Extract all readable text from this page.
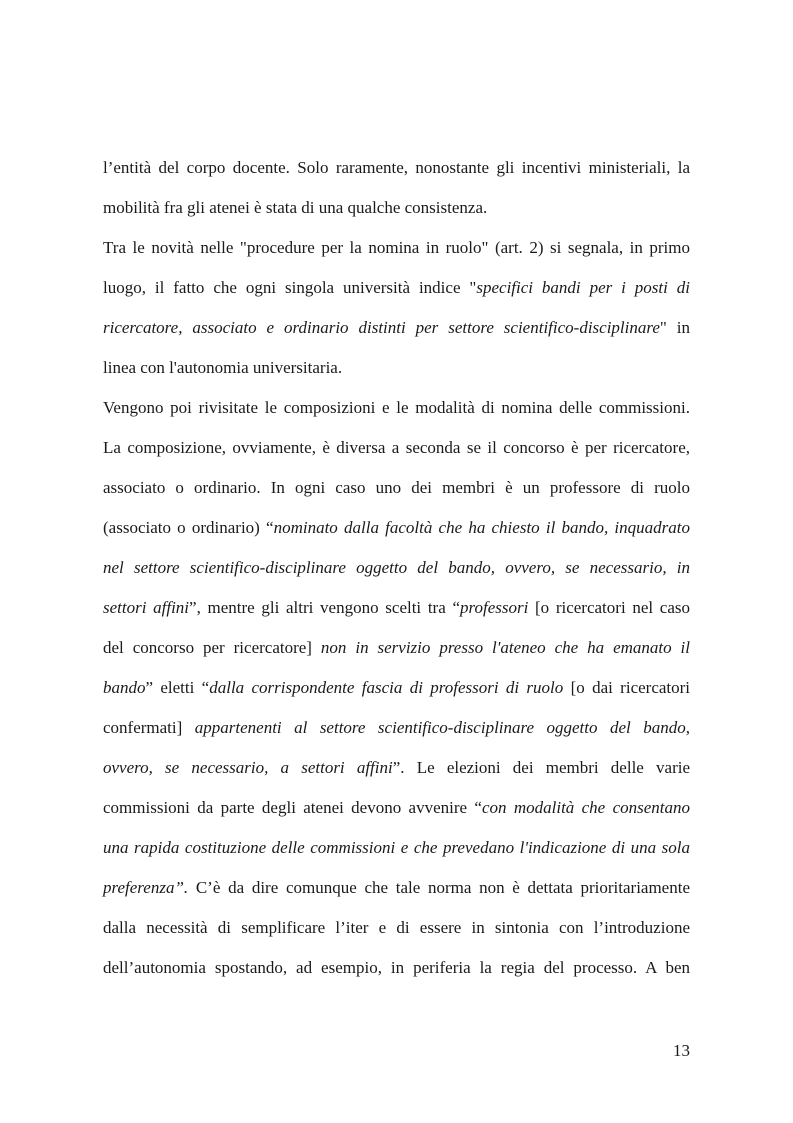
l’entità del corpo docente. Solo raramente, nonostante gli incentivi ministeriali, la
mobilità fra gli atenei è stata di una qualche consistenza.
Tra le novità nelle "procedure per la nomina in ruolo" (art. 2) si segnala, in primo
luogo, il fatto che ogni singola università indice "specifici bandi per i posti di
ricercatore, associato e ordinario distinti per settore scientifico-disciplinare" in
linea con l'autonomia universitaria.
Vengono poi rivisitate le composizioni e le modalità di nomina delle commissioni.
La composizione, ovviamente, è diversa a seconda se il concorso è per ricercatore,
associato o ordinario. In ogni caso uno dei membri è un professore di ruolo
(associato o ordinario) “nominato dalla facoltà che ha chiesto il bando, inquadrato
nel settore scientifico-disciplinare oggetto del bando, ovvero, se necessario, in
settori affini”, mentre gli altri vengono scelti tra “professori [o ricercatori nel caso
del concorso per ricercatore] non in servizio presso l'ateneo che ha emanato il
bando” eletti “dalla corrispondente fascia di professori di ruolo [o dai ricercatori
confermati] appartenenti al settore scientifico-disciplinare oggetto del bando,
ovvero, se necessario, a settori affini”. Le elezioni dei membri delle varie
commissioni da parte degli atenei devono avvenire “con modalità che consentano
una rapida costituzione delle commissioni e che prevedano l'indicazione di una sola
preferenza”. C’è da dire comunque che tale norma non è dettata prioritariamente
dalla necessità di semplificare l’iter e di essere in sintonia con l’introduzione
dell’autonomia spostando, ad esempio, in periferia la regia del processo. A ben
13
